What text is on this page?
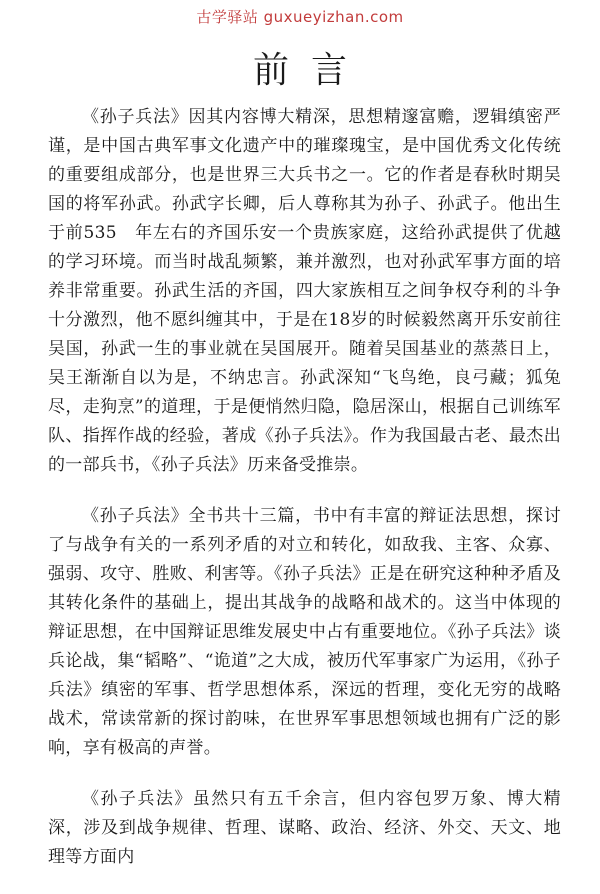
古学驿站 guxueyizhan.com
前言

《孙子兵法》因其内容博大精深，思想精邃富赡，逻辑缜密严谨，是中国古典军事文化遗产中的璀璨瑰宝，是中国优秀文化传统的重要组成部分，也是世界三大兵书之一。它的作者是春秋时期吴国的将军孙武。孙武字长卿，后人尊称其为孙子、孙武子。他出生于前535　年左右的齐国乐安一个贵族家庭，这给孙武提供了优越的学习环境。而当时战乱频繁，兼并激烈，也对孙武军事方面的培养非常重要。孙武生活的齐国，四大家族相互之间争权夺利的斗争十分激烈，他不愿纠缠其中，于是在18岁的时候毅然离开乐安前往吴国，孙武一生的事业就在吴国展开。随着吴国基业的蒸蒸日上，吴王渐渐自以为是，不纳忠言。孙武深知“飞鸟绝，良弓藏；狐兔尽，走狗烹”的道理，于是便悄然归隐，隐居深山，根据自己训练军队、指挥作战的经验，著成《孙子兵法》。作为我国最古老、最杰出的一部兵书，《孙子兵法》历来备受推崇。

《孙子兵法》全书共十三篇，书中有丰富的辩证法思想，探讨了与战争有关的一系列矛盾的对立和转化，如敌我、主客、众寡、强弱、攻守、胜败、利害等。《孙子兵法》正是在研究这种种矛盾及其转化条件的基础上，提出其战争的战略和战术的。这当中体现的辩证思想，在中国辩证思维发展史中占有重要地位。《孙子兵法》谈兵论战，集“韬略”、“诡道”之大成，被历代军事家广为运用，《孙子兵法》缜密的军事、哲学思想体系，深远的哲理，变化无穷的战略战术，常读常新的探讨韵味，在世界军事思想领域也拥有广泛的影响，享有极高的声誉。

《孙子兵法》虽然只有五千余言，但内容包罗万象、博大精深，涉及到战争规律、哲理、谋略、政治、经济、外交、天文、地理等方面内
